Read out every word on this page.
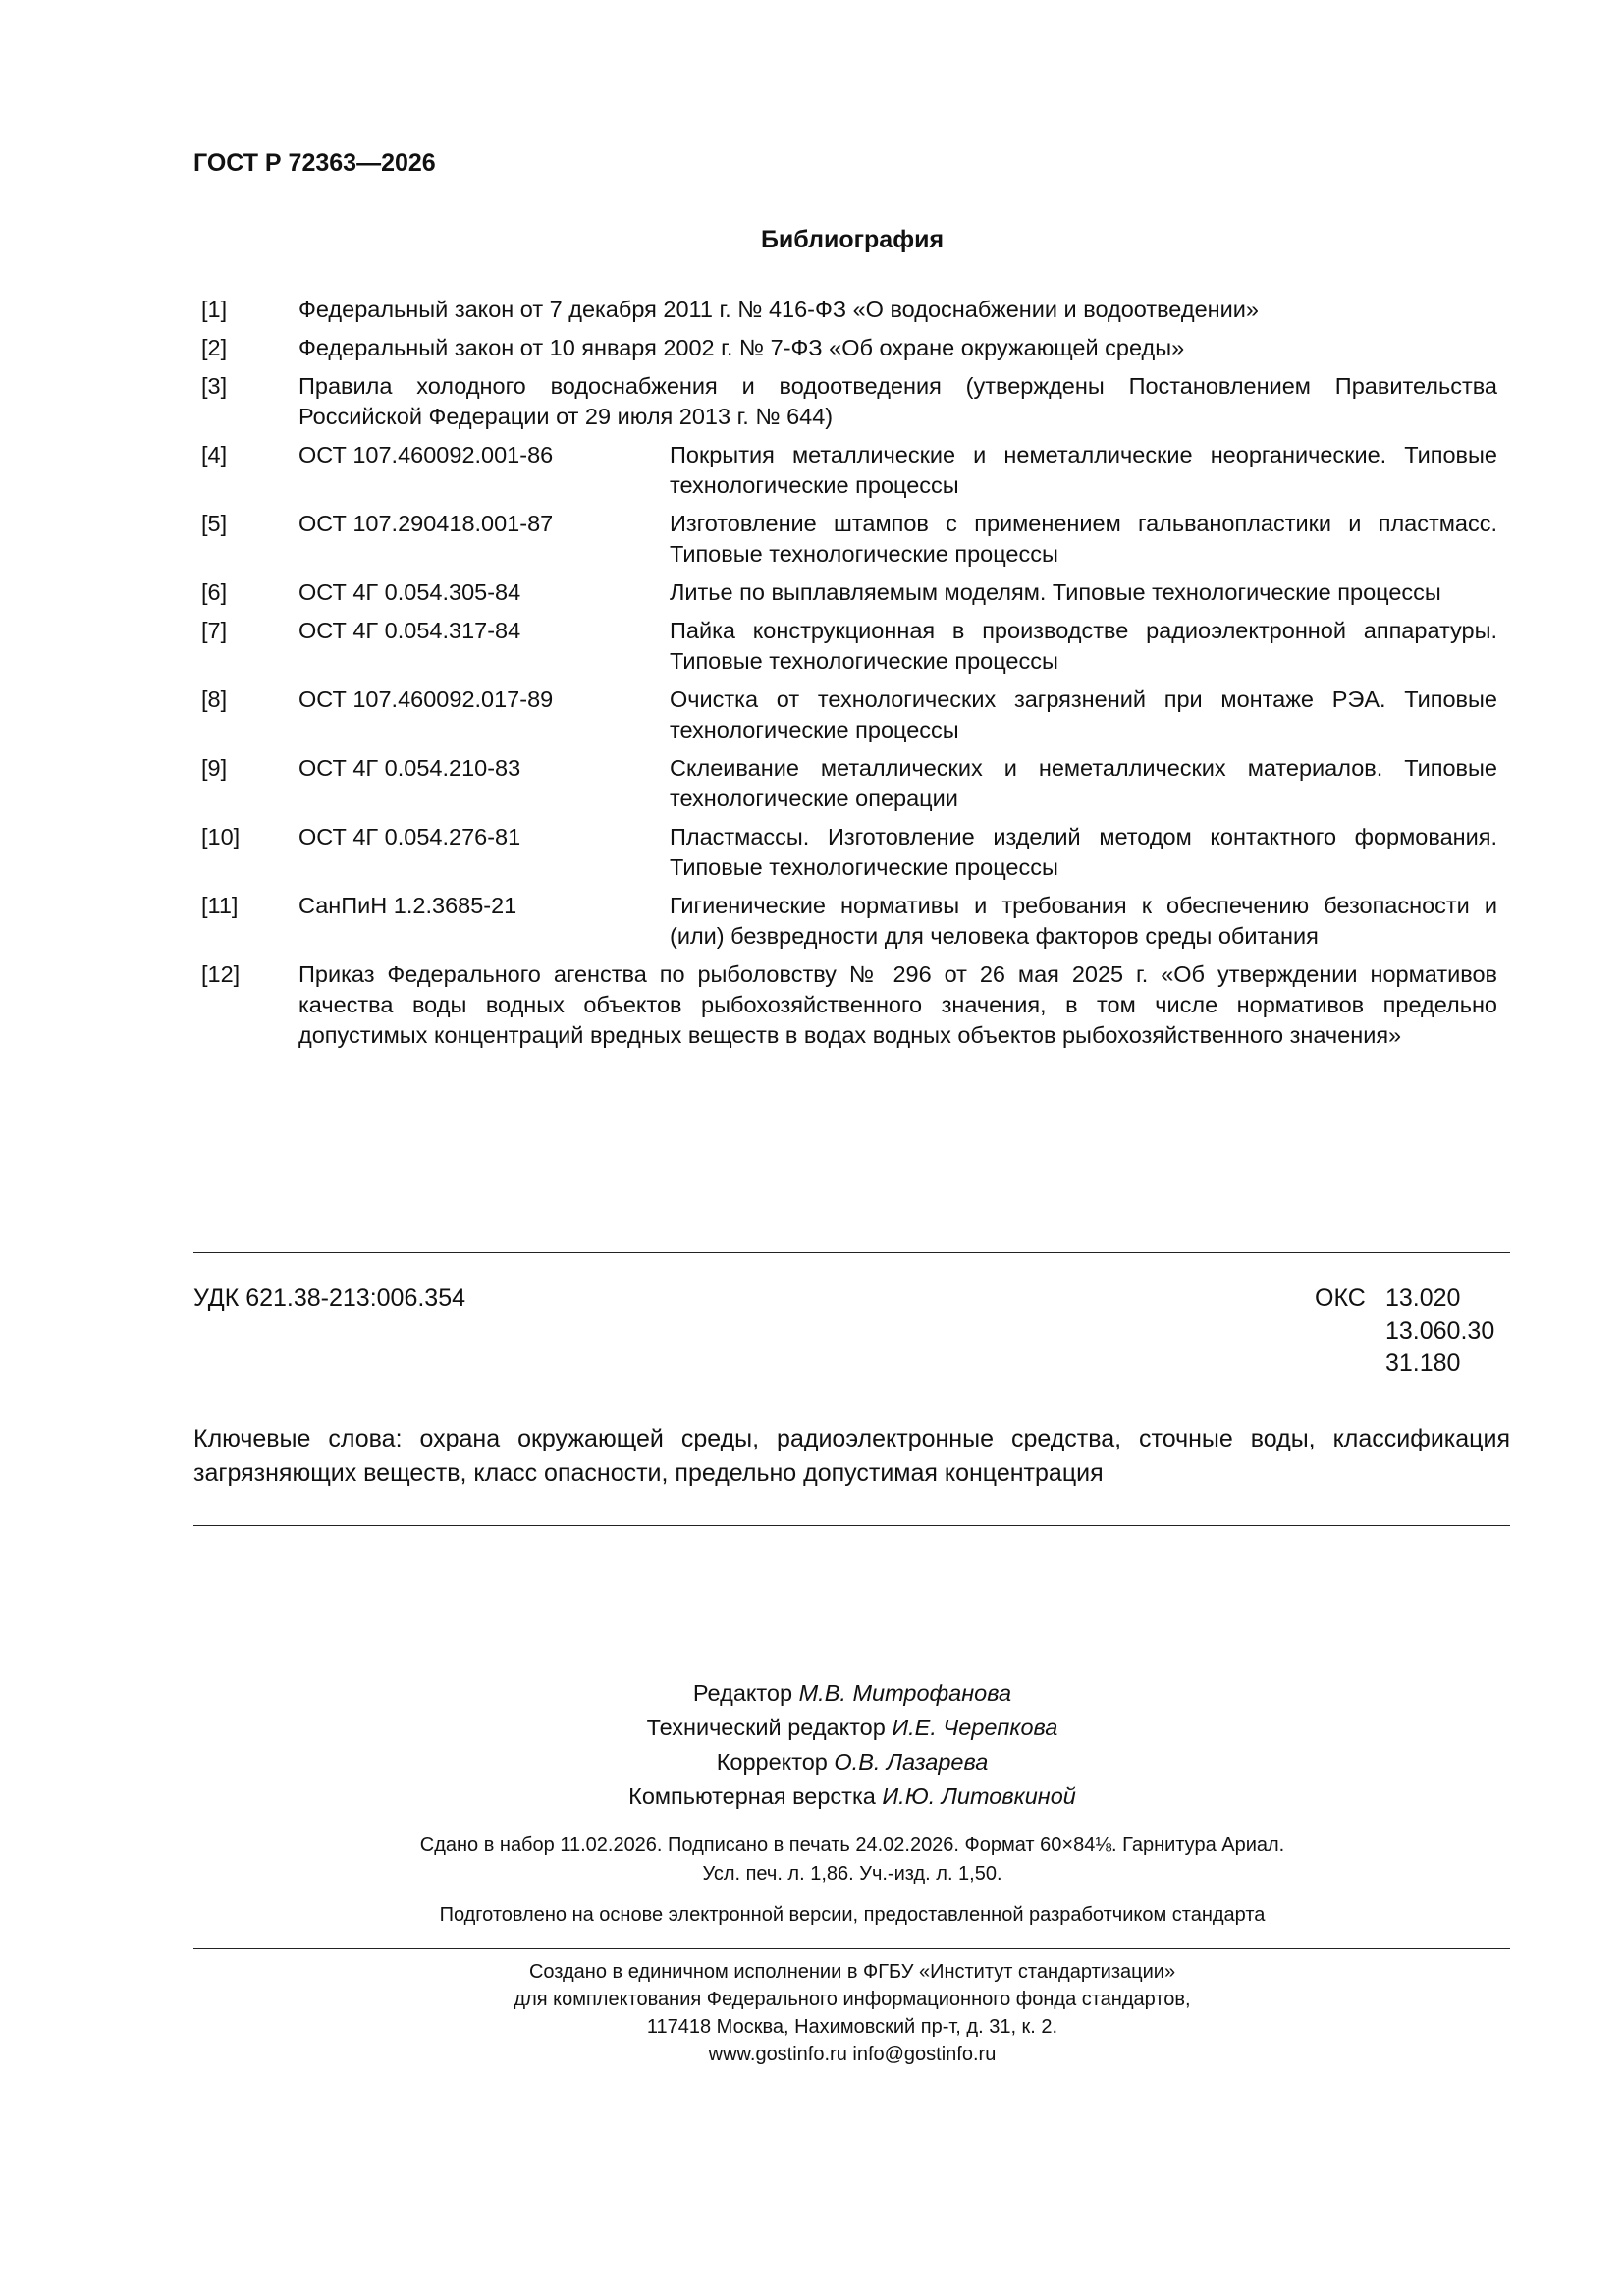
ГОСТ Р 72363—2026
Библиография
[1]	Федеральный закон от 7 декабря 2011 г. № 416-ФЗ «О водоснабжении и водоотведении»
[2]	Федеральный закон от 10 января 2002 г. № 7-ФЗ «Об охране окружающей среды»
[3]	Правила холодного водоснабжения и водоотведения (утверждены Постановлением Правительства Российской Федерации от 29 июля 2013 г. № 644)
[4]	ОСТ 107.460092.001-86	Покрытия металлические и неметаллические неорганические. Типовые технологические процессы
[5]	ОСТ 107.290418.001-87	Изготовление штампов с применением гальванопластики и пластмасс. Типовые технологические процессы
[6]	ОСТ 4Г 0.054.305-84	Литье по выплавляемым моделям. Типовые технологические процессы
[7]	ОСТ 4Г 0.054.317-84	Пайка конструкционная в производстве радиоэлектронной аппаратуры. Типовые технологические процессы
[8]	ОСТ 107.460092.017-89	Очистка от технологических загрязнений при монтаже РЭА. Типовые технологические процессы
[9]	ОСТ 4Г 0.054.210-83	Склеивание металлических и неметаллических материалов. Типовые технологические операции
[10]	ОСТ 4Г 0.054.276-81	Пластмассы. Изготовление изделий методом контактного формования. Типовые технологические процессы
[11]	СанПиН 1.2.3685-21	Гигиенические нормативы и требования к обеспечению безопасности и (или) безвредности для человека факторов среды обитания
[12]	Приказ Федерального агенства по рыболовству № 296 от 26 мая 2025 г. «Об утверждении нормативов качества воды водных объектов рыбохозяйственного значения, в том числе нормативов предельно допустимых концентраций вредных веществ в водах водных объектов рыбохозяйственного значения»
УДК 621.38-213:006.354	ОКС 13.020
13.060.30
31.180
Ключевые слова: охрана окружающей среды, радиоэлектронные средства, сточные воды, классификация загрязняющих веществ, класс опасности, предельно допустимая концентрация
Редактор М.В. Митрофанова
Технический редактор И.Е. Черепкова
Корректор О.В. Лазарева
Компьютерная верстка И.Ю. Литовкиной
Сдано в набор 11.02.2026. Подписано в печать 24.02.2026. Формат 60×84⅛. Гарнитура Ариал.
Усл. печ. л. 1,86. Уч.-изд. л. 1,50.
Подготовлено на основе электронной версии, предоставленной разработчиком стандарта
Создано в единичном исполнении в ФГБУ «Институт стандартизации»
для комплектования Федерального информационного фонда стандартов,
117418 Москва, Нахимовский пр-т, д. 31, к. 2.
www.gostinfo.ru info@gostinfo.ru
